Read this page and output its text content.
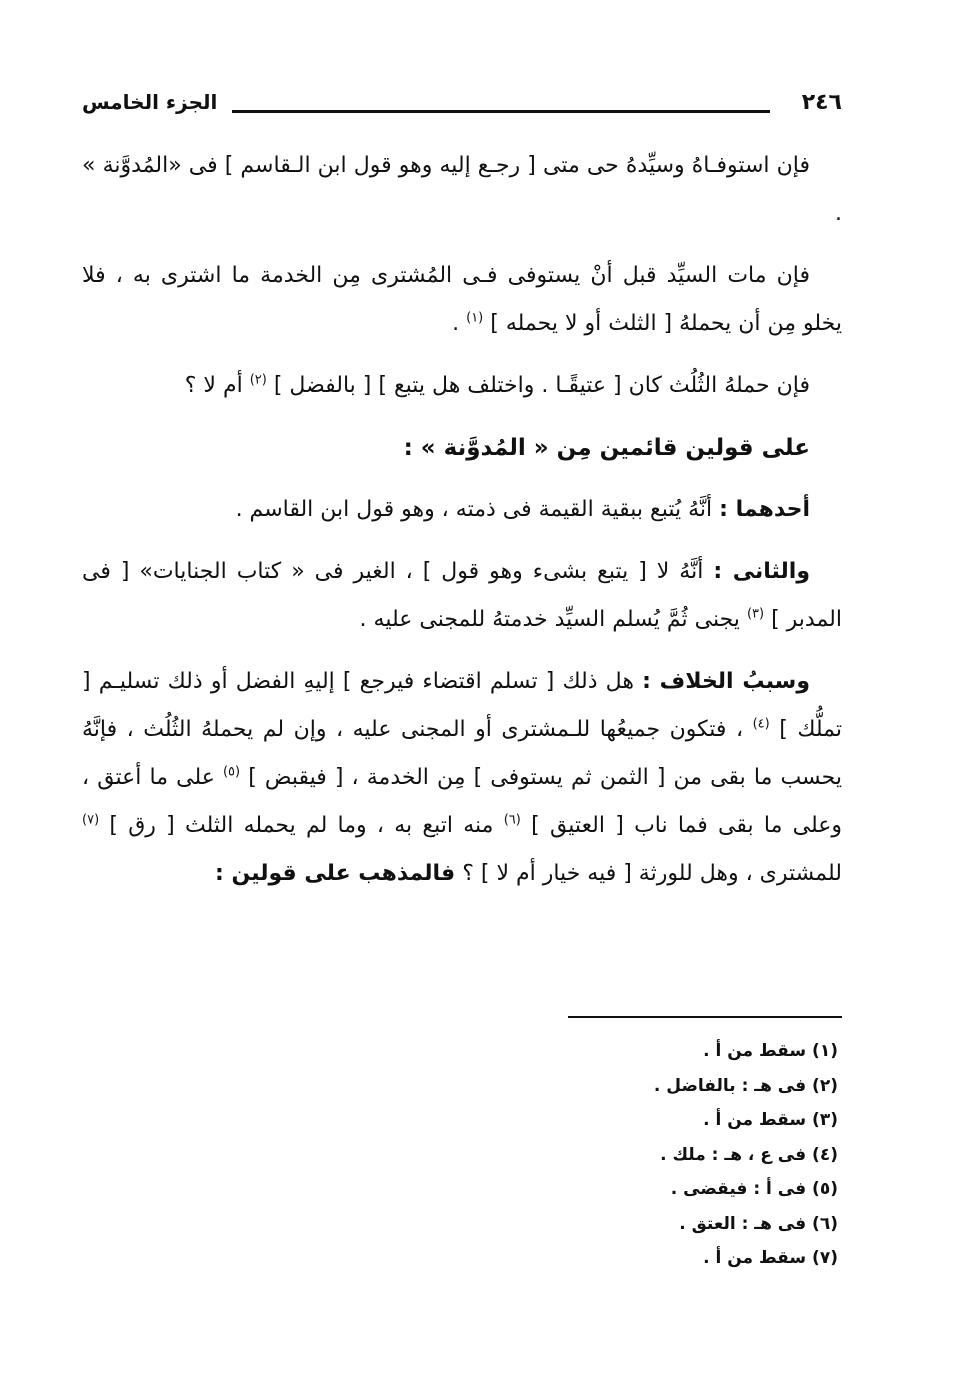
٢٤٦
الجزء الخامس

فإن استوفـاهُ وسيِّدهُ حى متى [ رجـع إليه وهو قول ابن الـقاسم ] فى «المُدوَّنة » .

فإن مات السيِّد قبل أنْ يستوفى فـى المُشترى مِن الخدمة ما اشترى به ، فلا يخلو مِن أن يحملهُ [ الثلث أو لا يحمله ] $^{(١)}$ .

فإن حملهُ الثُلُث كان [ عتيقًـا . واختلف هل يتبع ] [ بالفضل ] $^{(٢)}$ أم لا ؟

على قولين قائمين مِن « المُدوَّنة » :

أحدهما : أنَّهُ يُتبع ببقية القيمة فى ذمته ، وهو قول ابن القاسم .

والثانى : أنَّهُ لا [ يتبع بشىء وهو قول ] ، الغير فى « كتاب الجنايات» [ فى المدبر ] $^{(٣)}$ يجنى ثُمَّ يُسلم السيِّد خدمتهُ للمجنى عليه .

وسببُ الخلاف : هل ذلك [ تسلم اقتضاء فيرجع ] إليهِ الفضل أو ذلك تسليـم [ تملُّك ] $^{(٤)}$ ، فتكون جميعُها للـمشترى أو المجنى عليه ، وإن لم يحملهُ الثُلُث ، فإنَّهُ يحسب ما بقى من [ الثمن ثم يستوفى ] مِن الخدمة ، [ فيقبض ] $^{(٥)}$ على ما أعتق ، وعلى ما بقى فما ناب [ العتيق ] $^{(٦)}$ منه اتبع به ، وما لم يحمله الثلث [ رق ] $^{(٧)}$ للمشترى ، وهل للورثة [ فيه خيار أم لا ] ؟ فالمذهب على قولين :

(١) سقط من أ .
(٢) فى هـ : بالفاضل .
(٣) سقط من أ .
(٤) فى ع ، هـ : ملك .
(٥) فى أ : فيقضى .
(٦) فى هـ : العتق .
(٧) سقط من أ .
